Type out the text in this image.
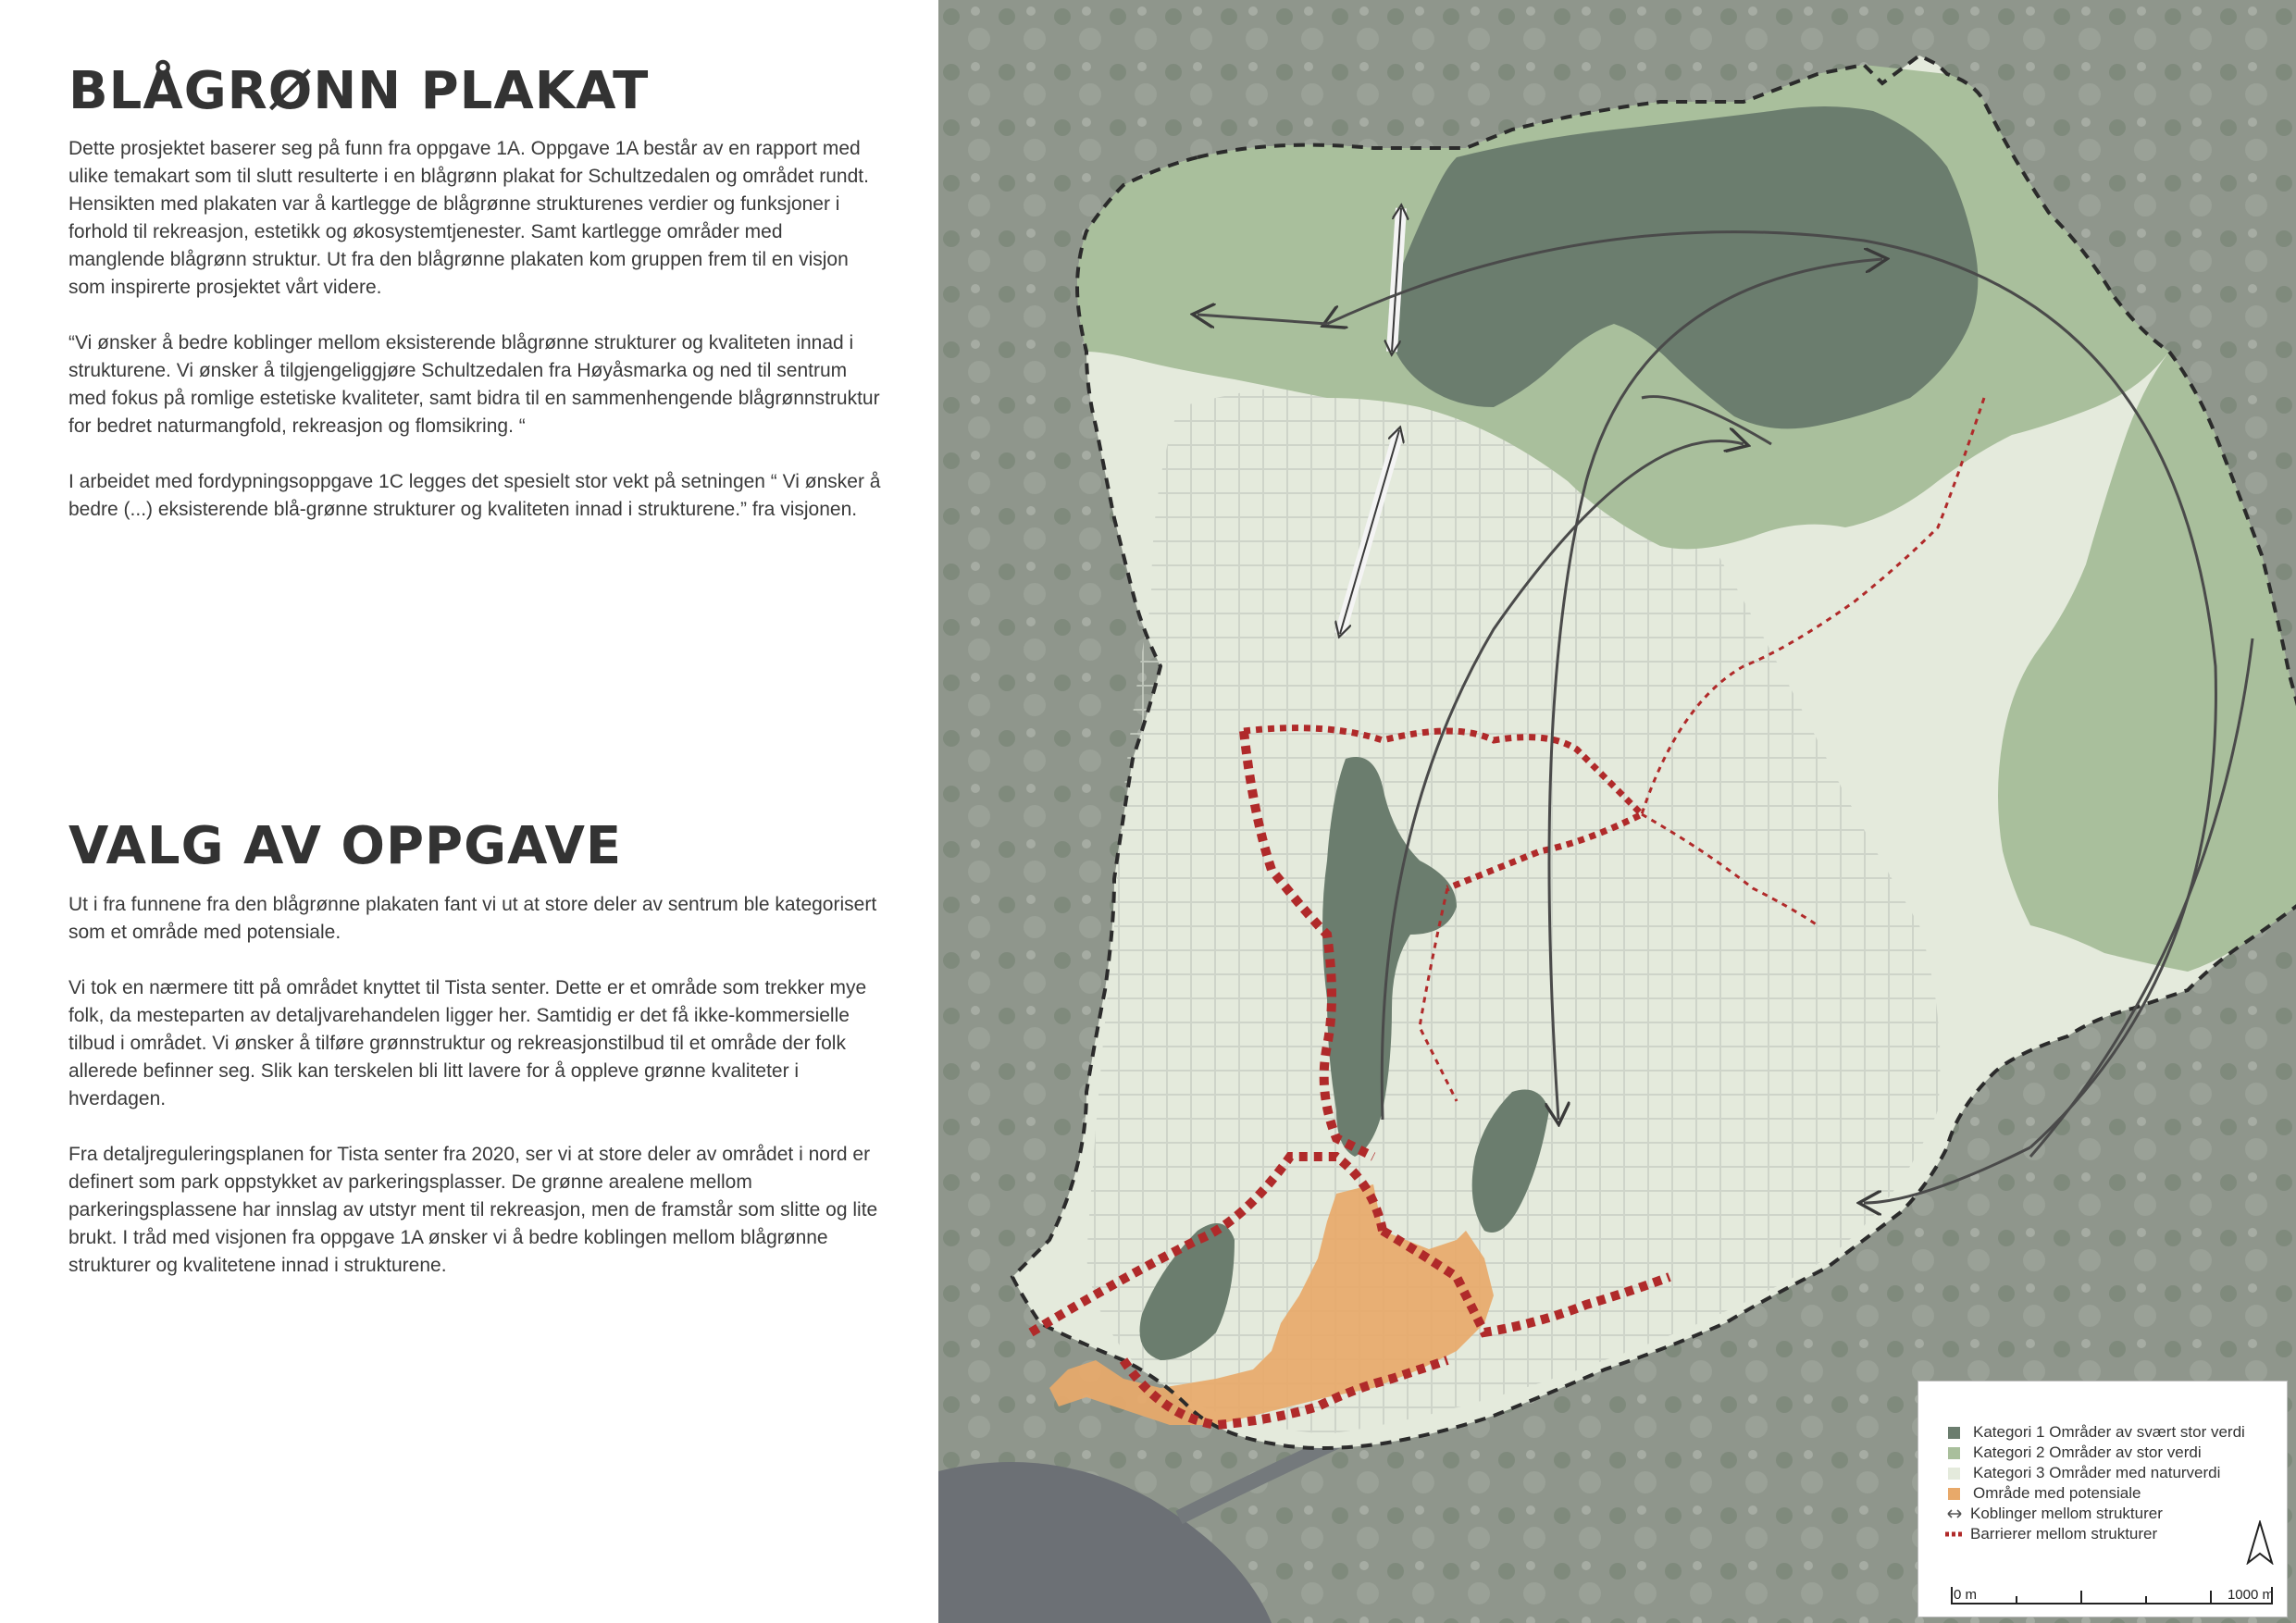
BLÅGRØNN PLAKAT

Dette prosjektet baserer seg på funn fra oppgave 1A. Oppgave 1A består av en rapport med ulike temakart som til slutt resulterte i en blågrønn plakat for Schultzedalen og området rundt. Hensikten med plakaten var å kartlegge de blågrønne strukturenes verdier og funksjoner i forhold til rekreasjon, estetikk og økosystemtjenester. Samt kartlegge områder med manglende blågrønn struktur. Ut fra den blågrønne plakaten kom gruppen frem til en visjon som inspirerte prosjektet vårt videre.

“Vi ønsker å bedre koblinger mellom eksisterende blågrønne strukturer og kvaliteten innad i strukturene. Vi ønsker å tilgjengeliggjøre Schultzedalen fra Høyåsmarka og ned til sentrum med fokus på romlige estetiske kvaliteter, samt bidra til en sammenhengende blågrønnstruktur for bedret naturmangfold, rekreasjon og flomsikring. “

I arbeidet med fordypningsoppgave 1C legges det spesielt stor vekt på setningen “ Vi ønsker å bedre (...) eksisterende blå-grønne strukturer og kvaliteten innad i strukturene.” fra visjonen.

VALG AV OPPGAVE

Ut i fra funnene fra den blågrønne plakaten fant vi ut at store deler av sentrum ble kategorisert som et område med potensiale.

Vi tok en nærmere titt på området knyttet til Tista senter. Dette er et område som trekker mye folk, da mesteparten av detaljvarehandelen ligger her. Samtidig er det få ikke-kommersielle tilbud i området. Vi ønsker å tilføre grønnstruktur og rekreasjonstilbud til et område der folk allerede befinner seg. Slik kan terskelen bli litt lavere for å oppleve grønne kvaliteter i hverdagen.

Fra detaljreguleringsplanen for Tista senter fra 2020, ser vi at store deler av området i nord er definert som park oppstykket av parkeringsplasser. De grønne arealene mellom parkeringsplassene har innslag av utstyr ment til rekreasjon, men de framstår som slitte og lite brukt. I tråd med visjonen fra oppgave 1A ønsker vi å bedre koblingen mellom blågrønne strukturer og kvalitetene innad i strukturene.

Kategori 1 Områder av svært stor verdi
Kategori 2 Områder av stor verdi
Kategori 3 Områder med naturverdi
Område med potensiale
Koblinger mellom strukturer
Barrierer mellom strukturer
0 m	1000 m
